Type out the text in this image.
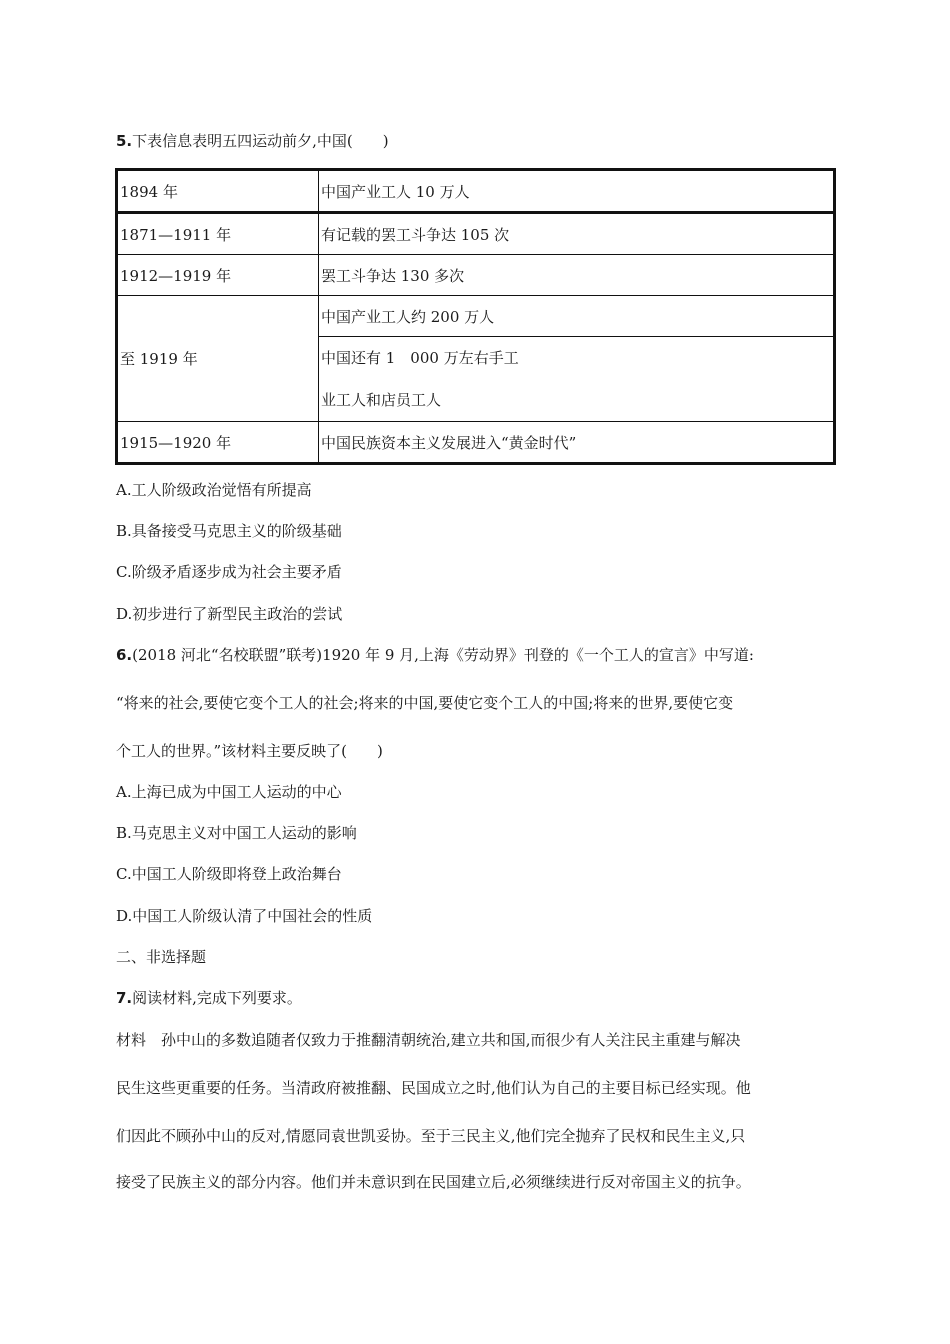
5.下表信息表明五四运动前夕,中国(　　)
1894 年	中国产业工人 10 万人
1871—1911 年	有记载的罢工斗争达 105 次
1912—1919 年	罢工斗争达 130 多次
至 1919 年	中国产业工人约 200 万人

	中国还有 1　000 万左右手工
业工人和店员工人

1915—1920 年	中国民族资本主义发展进入“黄金时代”
A.工人阶级政治觉悟有所提高
B.具备接受马克思主义的阶级基础
C.阶级矛盾逐步成为社会主要矛盾
D.初步进行了新型民主政治的尝试
6.(2018 河北“名校联盟”联考)1920 年 9 月,上海《劳动界》刊登的《一个工人的宣言》中写道:
“将来的社会,要使它变个工人的社会;将来的中国,要使它变个工人的中国;将来的世界,要使它变
个工人的世界。”该材料主要反映了(　　)
A.上海已成为中国工人运动的中心
B.马克思主义对中国工人运动的影响
C.中国工人阶级即将登上政治舞台
D.中国工人阶级认清了中国社会的性质
二、非选择题
7.阅读材料,完成下列要求。
材料　孙中山的多数追随者仅致力于推翻清朝统治,建立共和国,而很少有人关注民主重建与解决
民生这些更重要的任务。当清政府被推翻、民国成立之时,他们认为自己的主要目标已经实现。他
们因此不顾孙中山的反对,情愿同袁世凯妥协。至于三民主义,他们完全抛弃了民权和民生主义,只
接受了民族主义的部分内容。他们并未意识到在民国建立后,必须继续进行反对帝国主义的抗争。
